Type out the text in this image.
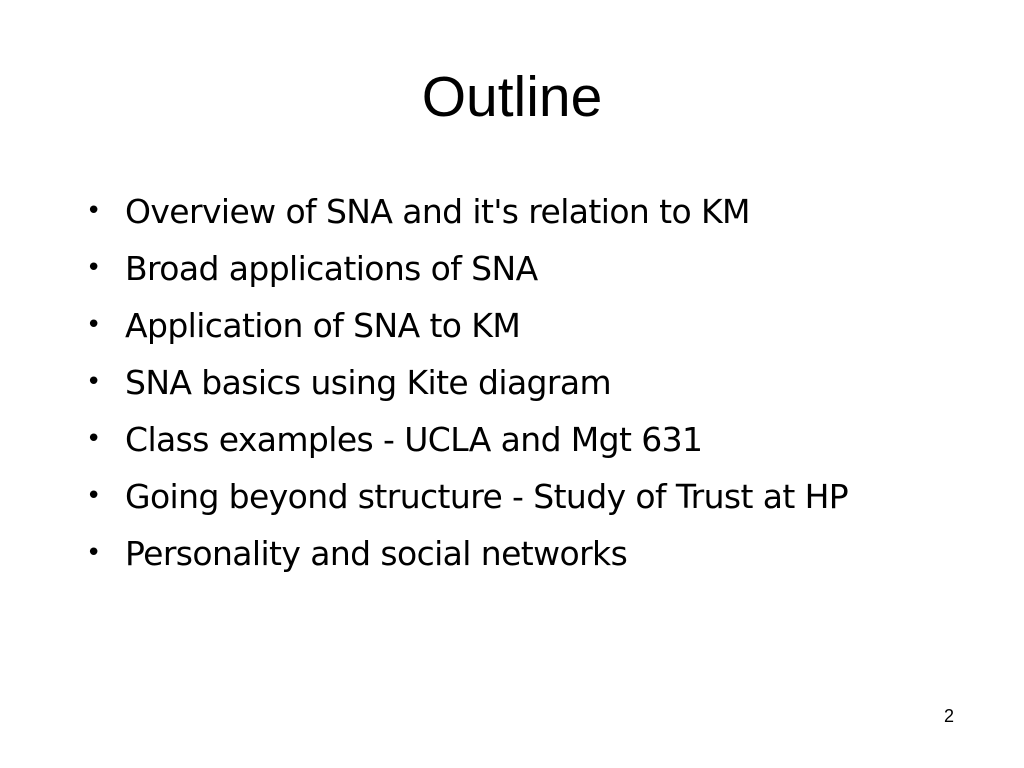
Outline
• Overview of SNA and it's relation to KM
• Broad applications of SNA
• Application of SNA to KM
• SNA basics using Kite diagram
• Class examples - UCLA and Mgt 631
• Going beyond structure - Study of Trust at HP
• Personality and social networks
2
